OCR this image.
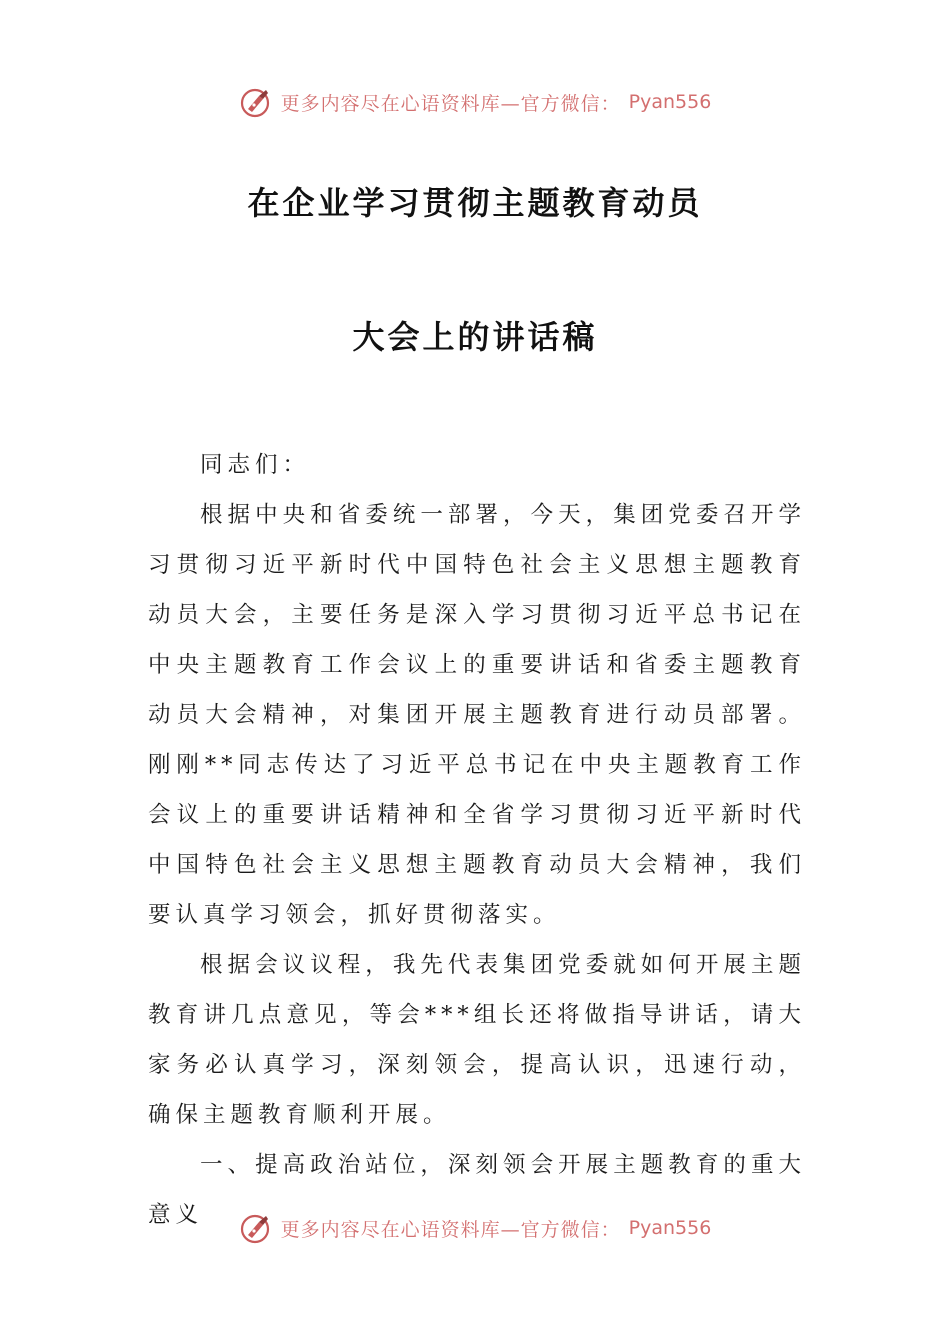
更多内容尽在心语资料库—官方微信： Pyan556
在企业学习贯彻主题教育动员
大会上的讲话稿

同志们：

根据中央和省委统一部署，今天，集团党委召开学习贯彻习近平新时代中国特色社会主义思想主题教育动员大会，主要任务是深入学习贯彻习近平总书记在中央主题教育工作会议上的重要讲话和省委主题教育动员大会精神，对集团开展主题教育进行动员部署。刚刚**同志传达了习近平总书记在中央主题教育工作会议上的重要讲话精神和全省学习贯彻习近平新时代中国特色社会主义思想主题教育动员大会精神，我们要认真学习领会，抓好贯彻落实。

根据会议议程，我先代表集团党委就如何开展主题教育讲几点意见，等会***组长还将做指导讲话，请大家务必认真学习，深刻领会，提高认识，迅速行动，确保主题教育顺利开展。

一、提高政治站位，深刻领会开展主题教育的重大意义

更多内容尽在心语资料库—官方微信： Pyan556
